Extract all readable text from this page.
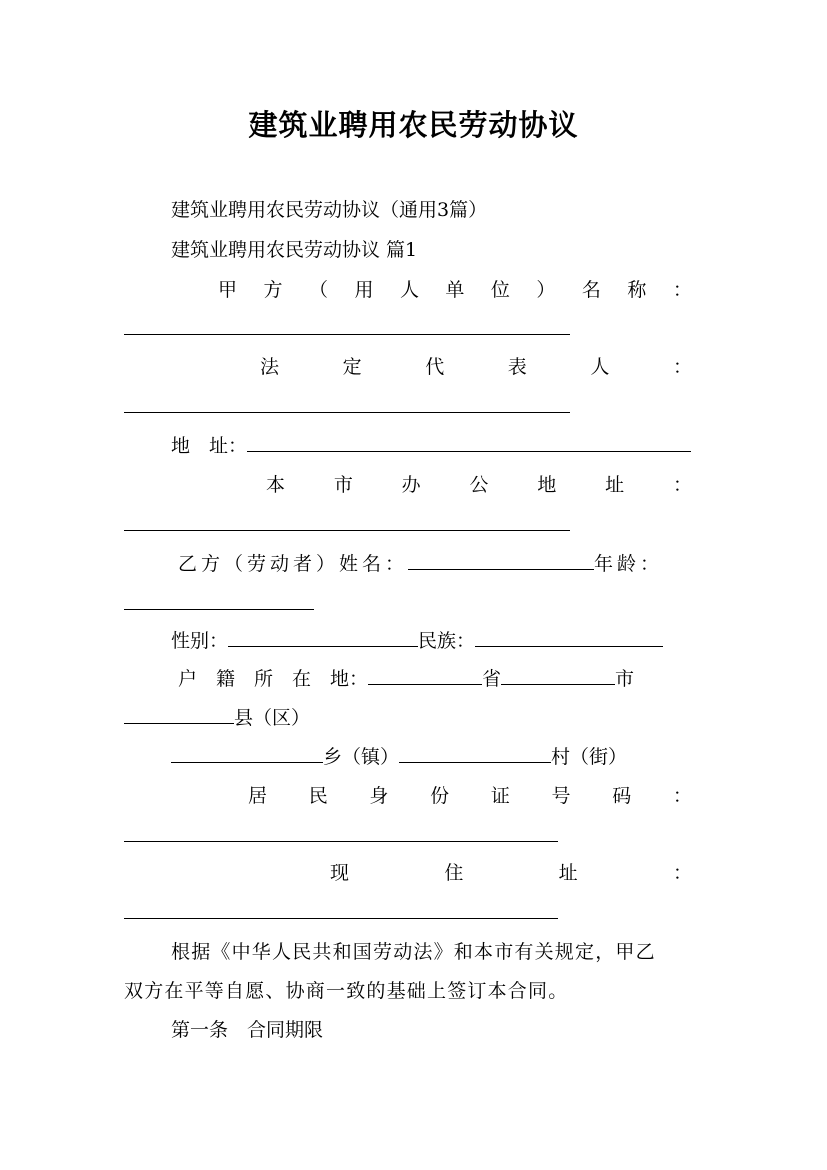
建筑业聘用农民劳动协议
建筑业聘用农民劳动协议（通用3篇）
建筑业聘用农民劳动协议 篇1
甲 方 （ 用 人 单 位 ） 名 称 ：
法	定	代	表	人	：
地　址：
本	市	办	公	地	址	：
乙方（劳动者）姓名：	年龄：
性别：	民族：
户　籍　所　在　地：	省	市
县（区）
乡（镇）	村（街）
居 民 身 份 证 号 码 ：
现	住	址	：
根据《中华人民共和国劳动法》和本市有关规定，甲乙
双方在平等自愿、协商一致的基础上签订本合同。
第一条　合同期限
